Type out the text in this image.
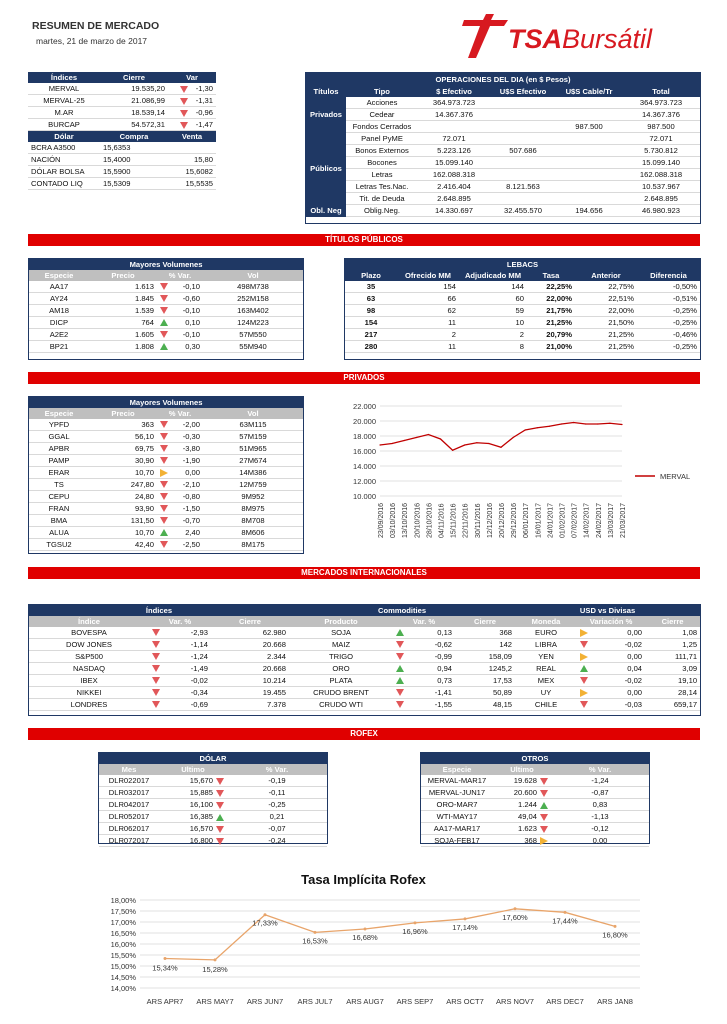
RESUMEN DE MERCADO
martes, 21 de marzo de 2017	TSA Bursátil
Índices	Cierre	Var
MERVAL	19.535,20	-1,30
MERVAL-25	21.086,99	-1,31
M.AR	18.539,14	-0,96
BURCAP	54.572,31	-1,47
Dólar	Compra	Venta
BCRA A3500	15,6353	
NACIÓN	15,4000	15,80
DÓLAR BOLSA	15,5900	15,6082
CONTADO LIQ	15,5309	15,5535
OPERACIONES DEL DIA (en $ Pesos)					
Títulos	Tipo	$ Efectivo	U$S Efectivo	U$S Cable/Tr	Total
Privados	Acciones	364.973.723			364.973.723
	Cedear	14.367.376			14.367.376
	Fondos Cerrados			987.500	987.500
Públicos	Panel PyME	72.071			72.071
	Bonos Externos	5.223.126	507.686		5.730.812
	Bocones	15.099.140			15.099.140
	Letras	162.088.318			162.088.318
	Letras Tes.Nac.	2.416.404	8.121.563		10.537.967
	Tit. de Deuda	2.648.895			2.648.895
Obl. Neg	Oblig.Neg.	14.330.697	32.455.570	194.656	46.980.923
TÍTULOS PÚBLICOS
Mayores Volumenes			
Especie	Precio	% Var.	Vol
AA17	1.613	-0,10	498M738
AY24	1.845	-0,60	252M158
AM18	1.539	-0,10	163M402
DICP	764	0,10	124M223
A2E2	1.605	-0,10	57M550
BP21	1.808	0,30	55M940
LEBACS					
Plazo	Ofrecido MM	Adjudicado MM	Tasa	Anterior	Diferencia
35	154	144	22,25%	22,75%	-0,50%
63	66	60	22,00%	22,51%	-0,51%
98	62	59	21,75%	22,00%	-0,25%
154	11	10	21,25%	21,50%	-0,25%
217	2	2	20,79%	21,25%	-0,46%
280	11	8	21,00%	21,25%	-0,25%
PRIVADOS
Mayores Volumenes			
Especie	Precio	% Var.	Vol
YPFD	363	-2,00	63M115
GGAL	56,10	-0,30	57M159
APBR	69,75	-3,80	51M965
PAMP	30,90	-1,90	27M674
ERAR	10,70	0,00	14M386
TS	247,80	-2,10	12M759
CEPU	24,80	-0,80	9M952
FRAN	93,90	-1,50	8M975
BMA	131,50	-0,70	8M708
ALUA	10,70	2,40	8M606
TGSU2	42,40	-2,50	8M175
10.000
12.000
14.000
16.000
18.000
20.000
22.000
23/09/2016 03/10/2016 13/10/2016 20/10/2016 28/10/2016 04/11/2016 15/11/2016 22/11/2016 30/11/2016 12/12/2016 20/12/2016 29/12/2016 06/01/2017 16/01/2017 24/01/2017 01/02/2017 07/02/2017 14/02/2017 24/02/2017 13/03/2017 21/03/2017
MERVAL
MERCADOS INTERNACIONALES
Índices			Commodities			USD vs Divisas		
Índice	Var. %	Cierre	Producto	Var. %	Cierre	Moneda	Variación %	Cierre
BOVESPA	-2,93	62.980	SOJA	0,13	368	EURO	0,00	1,08
DOW JONES	-1,14	20.668	MAIZ	-0,62	142	LIBRA	-0,02	1,25
S&P500	-1,24	2.344	TRIGO	-0,99	158,09	YEN	0,00	111,71
NASDAQ	-1,49	20.668	ORO	0,94	1245,2	REAL	0,04	3,09
IBEX	-0,02	10.214	PLATA	0,73	17,53	MEX	-0,02	19,10
NIKKEI	-0,34	19.455	CRUDO BRENT	-1,41	50,89	UY	0,00	28,14
LONDRES	-0,69	7.378	CRUDO WTI	-1,55	48,15	CHILE	-0,03	659,17
ROFEX
DÓLAR		
Mes	Ultimo	% Var.
DLR022017	15,670	-0,19
DLR032017	15,885	-0,11
DLR042017	16,100	-0,25
DLR052017	16,385	0,21
DLR062017	16,570	-0,07
DLR072017	16,800	-0,24
OTROS		
Especie	Ultimo	% Var.
MERVAL-MAR17	19.628	-1,24
MERVAL-JUN17	20.600	-0,87
ORO-MAR7	1.244	0,83
WTI-MAY17	49,04	-1,13
AA17-MAR17	1.623	-0,12
SOJA-FEB17	368	0,00
Tasa Implícita Rofex
14,00%
14,50%
15,00%
15,50%
16,00%
16,50%
17,00%
17,50%
18,00%
ARS APR7 ARS MAY7 ARS JUN7 ARS JUL7 ARS AUG7 ARS SEP7 ARS OCT7 ARS NOV7 ARS DEC7 ARS JAN8
15,34%	15,28%
17,33%
16,53%	16,68%
16,96%	17,14%
17,60%	17,44%
16,80%
